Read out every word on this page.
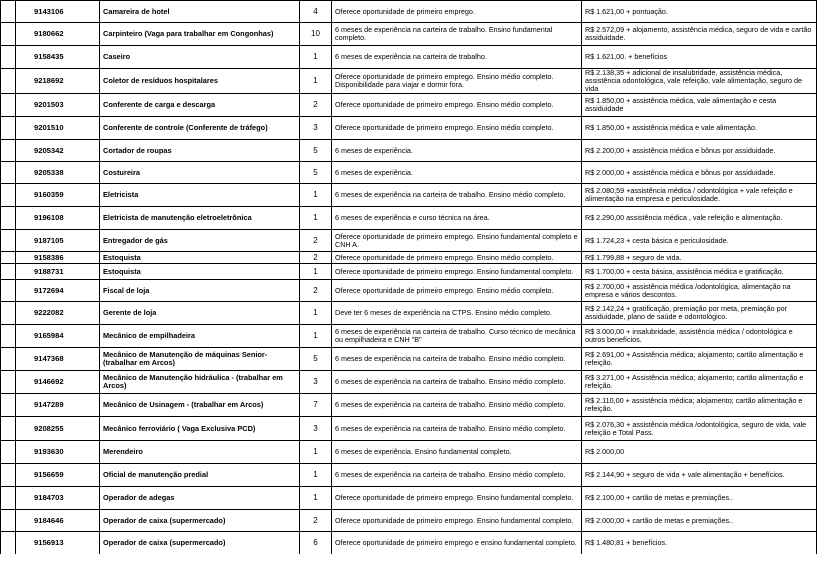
	9143106	Camareira de hotel	4	Oferece oportunidade de primeiro emprego.	R$ 1.621,00 + pontuação.
	9180662	Carpinteiro (Vaga para trabalhar em Congonhas)	10	6 meses de experiência na carteira de trabalho. Ensino fundamental completo.	R$ 2.572,09 + alojamento, assistência médica, seguro de vida e cartão assiduidade.
	9158435	Caseiro	1	6 meses de experiência na carteira de trabalho.	R$ 1.621,00. + benefícios
	9218692	Coletor de resíduos hospitalares	1	Oferece oportunidade de primeiro emprego. Ensino médio completo. Disponibilidade para viajar e dormir fora.	R$ 2.138,35 + adicional de insalubridade, assistência médica, assistência odontológica, vale refeição, vale alimentação, seguro de vida
	9201503	Conferente de carga e descarga	2	Oferece oportunidade de primeiro emprego. Ensino médio completo.	R$ 1.850,00 + assistência médica, vale alimentação e cesta assiduidade
	9201510	Conferente de controle (Conferente de tráfego)	3	Oferece oportunidade de primeiro emprego. Ensino médio completo.	R$ 1.850,00 + assistência médica e vale alimentação.
	9205342	Cortador de roupas	5	6 meses de experiência.	R$ 2.200,00 + assistência médica e bônus por assiduidade.
	9205338	Costureira	5	6 meses de experiência.	R$ 2.000,00 + assistência médica e bônus por assiduidade.
	9160359	Eletricista	1	6 meses de experiência na carteira de trabalho. Ensino médio completo.	R$ 2.080,59 +assistência médica / odontológica + vale refeição e alimentação na empresa e periculosidade.
	9196108	Eletricista de manutenção eletroeletrônica	1	6 meses de experiência e curso técnica na área.	R$ 2.290,00 assistência médica , vale refeição e alimentação.
	9187105	Entregador de gás	2	Oferece oportunidade de primeiro emprego. Ensino fundamental completo e CNH A.	R$ 1.724,23 + cesta básica e periculosidade.
	9158386	Estoquista	2	Oferece oportunidade de primeiro emprego. Ensino médio completo.	R$ 1.799,88 + seguro de vida.
	9188731	Estoquista	1	Oferece oportunidade de primeiro emprego. Ensino fundamental completo.	R$ 1.700,00 + cesta básica, assistência médica e gratificação.
	9172694	Fiscal de loja	2	Oferece oportunidade de primeiro emprego. Ensino médio completo.	R$ 2.700,00 + assistência médica /odontológica, alimentação na empresa e vários descontos.
	9222082	Gerente de loja	1	Deve ter 6 meses de experiência na CTPS. Ensino médio completo.	R$ 2.142,24 + gratificação, premiação por meta, premiação por assiduidade, plano de saúde e odontológico.
	9165984	Mecânico de empilhadeira	1	6 meses de experiência na carteira de trabalho. Curso técnico de mecânica ou empilhadeira e CNH "B"	R$ 3.000,00 + insalubridade, assistência médica / odontológica e outros benefícios.
	9147368	Mecânico de Manutenção de máquinas Senior- (trabalhar em Arcos)	5	6 meses de experiência na carteira de trabalho. Ensino médio completo.	R$ 2.691,00 + Assistência médica; alojamento; cartão alimentação e refeição.
	9146692	Mecânico de Manutenção hidráulica - (trabalhar em Arcos)	3	6 meses de experiência na carteira de trabalho. Ensino médio completo.	R$ 3.271,00 + Assistência médica; alojamento; cartão alimentação e refeição.
	9147289	Mecânico de Usinagem - (trabalhar em Arcos)	7	6 meses de experiência na carteira de trabalho. Ensino médio completo.	R$ 2.110,00 + assistência médica; alojamento; cartão alimentação e refeição.
	9208255	Mecânico ferroviário ( Vaga Exclusiva PCD)	3	6 meses de experiência na carteira de trabalho. Ensino médio completo.	R$ 2.076,30 + assistência médica /odontológica, seguro de vida, vale refeição e Total Pass.
	9193630	Merendeiro	1	6 meses de experiência. Ensino fundamental completo.	R$ 2.000,00
	9156659	Oficial de manutenção predial	1	6 meses de experiência na carteira de trabalho. Ensino médio completo.	R$ 2.144,90 + seguro de vida + vale alimentação + benefícios.
	9184703	Operador de adegas	1	Oferece oportunidade de primeiro emprego. Ensino fundamental completo.	R$ 2.100,00 + cartão de metas e premiações..
	9184646	Operador de caixa (supermercado)	2	Oferece oportunidade de primeiro emprego. Ensino fundamental completo.	R$ 2.000,00 + cartão de metas e premiações..
	9156913	Operador de caixa (supermercado)	6	Oferece oportunidade de primeiro emprego e ensino fundamental completo.	R$ 1.480,81 + benefícios.
